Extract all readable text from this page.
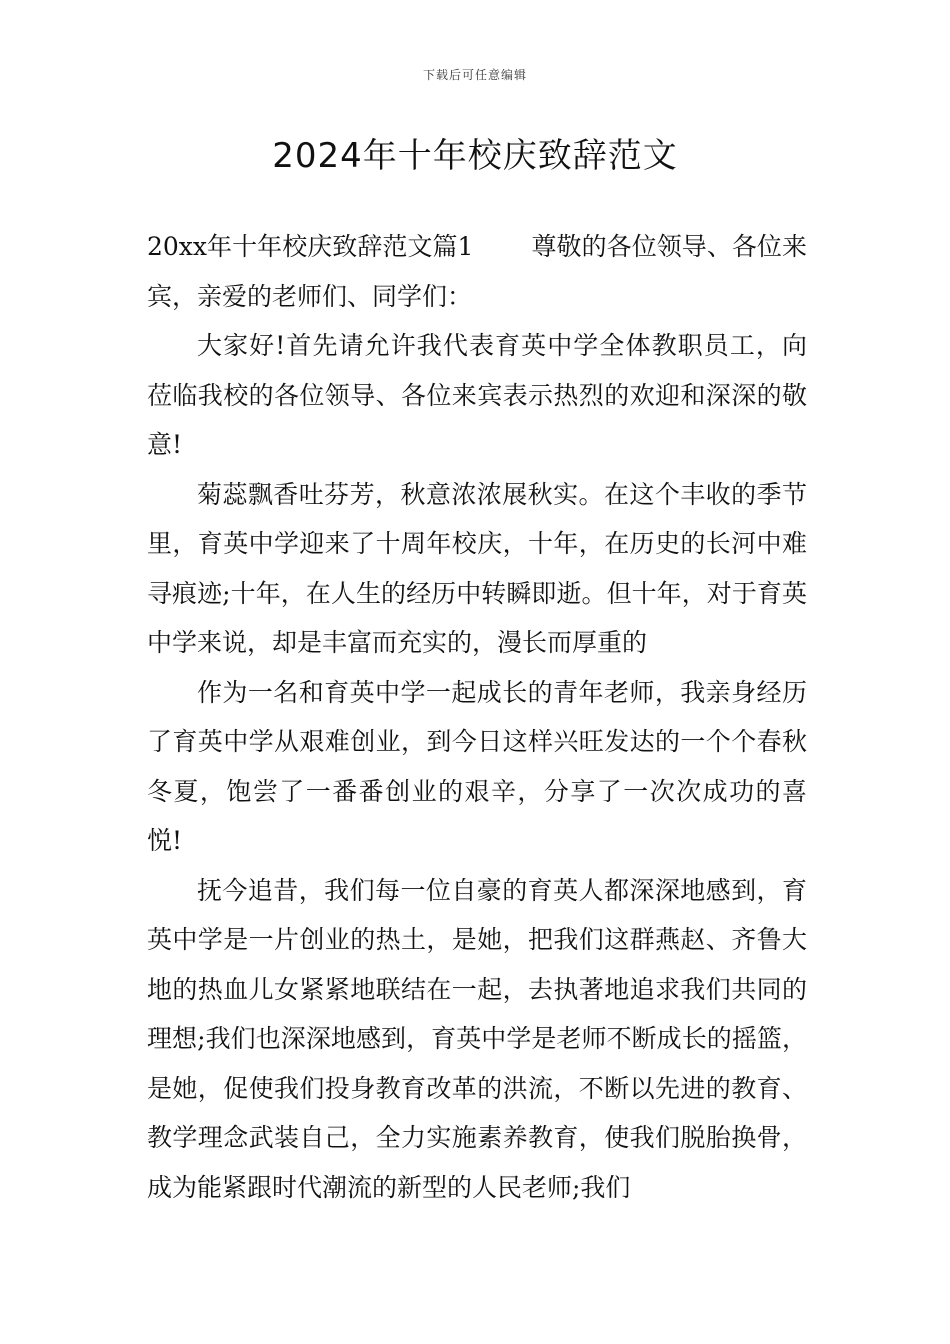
下载后可任意编辑
2024年十年校庆致辞范文

20xx年十年校庆致辞范文篇1 尊敬的各位领导、各位来宾，亲爱的老师们、同学们：

大家好!首先请允许我代表育英中学全体教职员工，向莅临我校的各位领导、各位来宾表示热烈的欢迎和深深的敬意!

菊蕊飘香吐芬芳，秋意浓浓展秋实。在这个丰收的季节里，育英中学迎来了十周年校庆，十年，在历史的长河中难寻痕迹;十年，在人生的经历中转瞬即逝。但十年，对于育英中学来说，却是丰富而充实的，漫长而厚重的

作为一名和育英中学一起成长的青年老师，我亲身经历了育英中学从艰难创业，到今日这样兴旺发达的一个个春秋冬夏，饱尝了一番番创业的艰辛，分享了一次次成功的喜悦!

抚今追昔，我们每一位自豪的育英人都深深地感到，育英中学是一片创业的热土，是她，把我们这群燕赵、齐鲁大地的热血儿女紧紧地联结在一起，去执著地追求我们共同的理想;我们也深深地感到，育英中学是老师不断成长的摇篮，是她，促使我们投身教育改革的洪流，不断以先进的教育、教学理念武装自己，全力实施素养教育，使我们脱胎换骨，成为能紧跟时代潮流的新型的人民老师;我们
